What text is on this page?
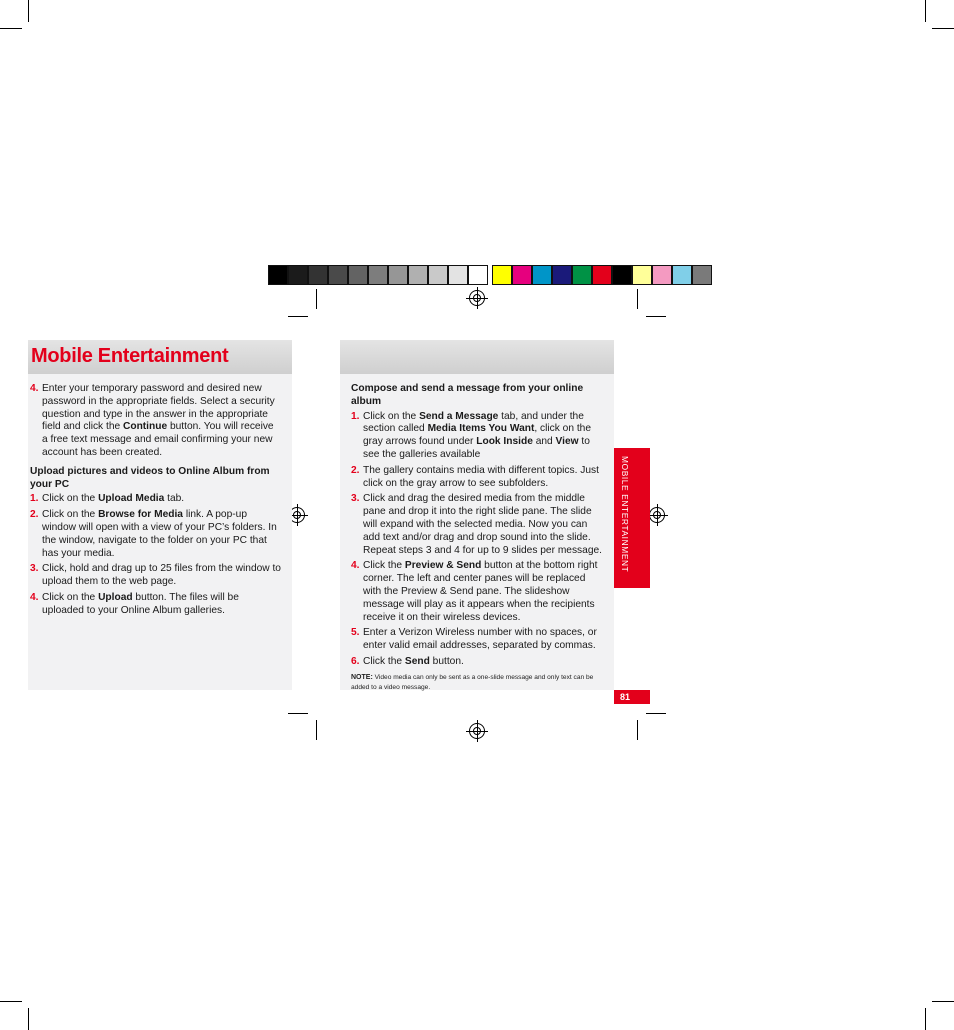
Mobile Entertainment
4. Enter your temporary password and desired new password in the appropriate fields. Select a security question and type in the answer in the appropriate field and click the Continue button. You will receive a free text message and email confirming your new account has been created.

Upload pictures and videos to Online Album from your PC

1. Click on the Upload Media tab.
2. Click on the Browse for Media link. A pop-up window will open with a view of your PC’s folders. In the window, navigate to the folder on your PC that has your media.
3. Click, hold and drag up to 25 files from the window to upload them to the web page.
4. Click on the Upload button. The files will be uploaded to your Online Album galleries.

Compose and send a message from your online album

1. Click on the Send a Message tab, and under the section called Media Items You Want, click on the gray arrows found under Look Inside and View to see the galleries available
2. The gallery contains media with different topics. Just click on the gray arrow to see subfolders.
3. Click and drag the desired media from the middle pane and drop it into the right slide pane. The slide will expand with the selected media. Now you can add text and/or drag and drop sound into the slide. Repeat steps 3 and 4 for up to 9 slides per message.
4. Click the Preview & Send button at the bottom right corner. The left and center panes will be replaced with the Preview & Send pane. The slideshow message will play as it appears when the recipients receive it on their wireless devices.
5. Enter a Verizon Wireless number with no spaces, or enter valid email addresses, separated by commas.
6. Click the Send button.
NOTE: Video media can only be sent as a one-slide message and only text can be added to a video message.
MOBILE ENTERTAINMENT
81
